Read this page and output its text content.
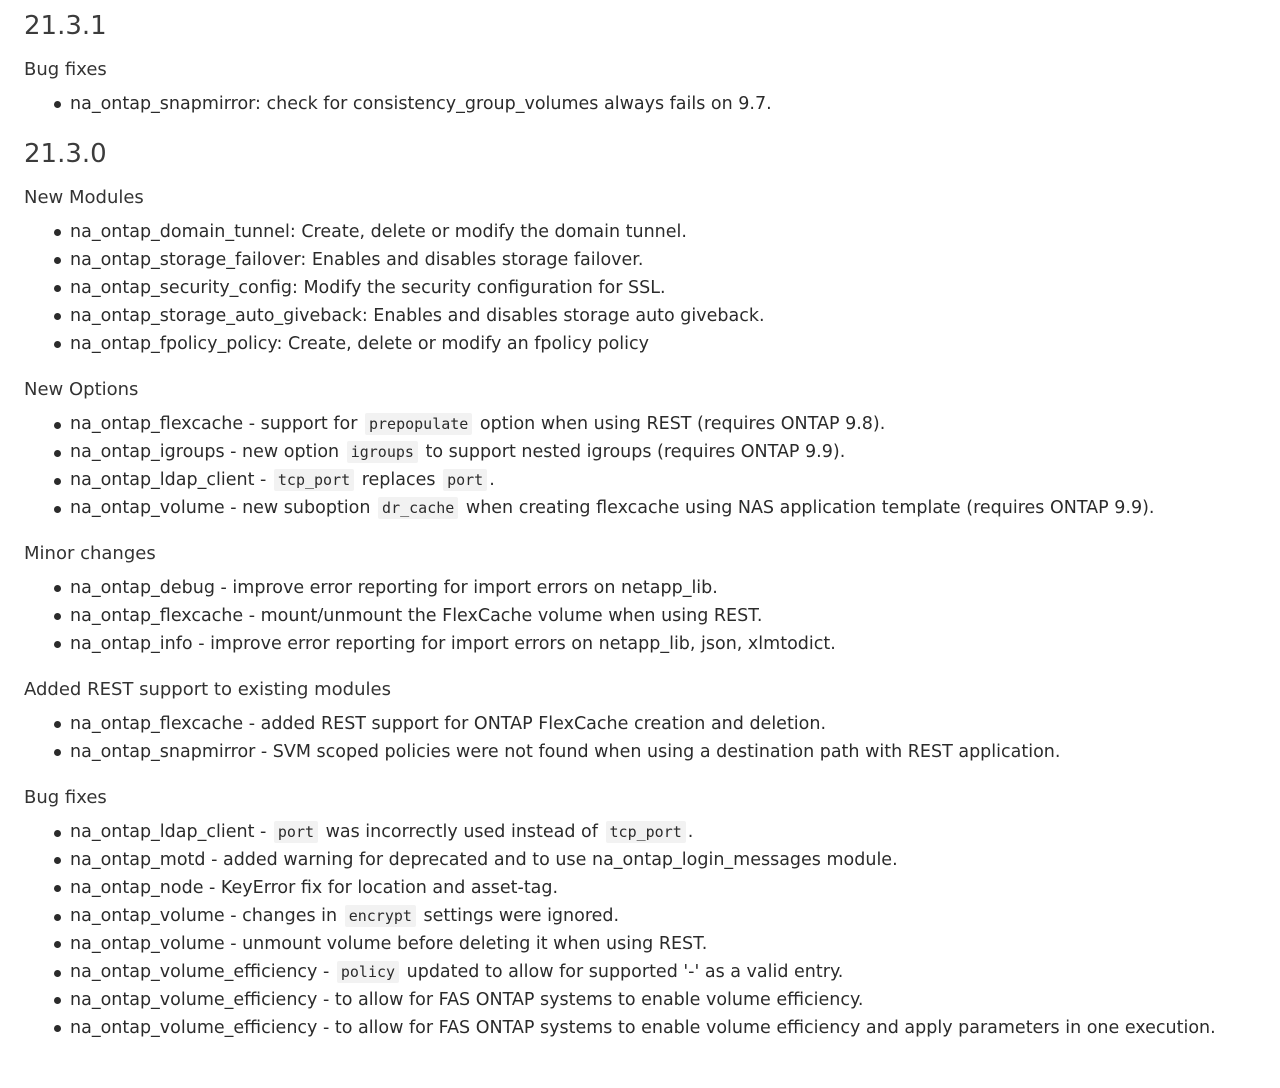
21.3.1
Bug fixes
na_ontap_snapmirror: check for consistency_group_volumes always fails on 9.7.
21.3.0
New Modules
na_ontap_domain_tunnel: Create, delete or modify the domain tunnel.
na_ontap_storage_failover: Enables and disables storage failover.
na_ontap_security_config: Modify the security configuration for SSL.
na_ontap_storage_auto_giveback: Enables and disables storage auto giveback.
na_ontap_fpolicy_policy: Create, delete or modify an fpolicy policy
New Options
na_ontap_flexcache - support for prepopulate option when using REST (requires ONTAP 9.8).
na_ontap_igroups - new option igroups to support nested igroups (requires ONTAP 9.9).
na_ontap_ldap_client - tcp_port replaces port .
na_ontap_volume - new suboption dr_cache when creating flexcache using NAS application template (requires ONTAP 9.9).
Minor changes
na_ontap_debug - improve error reporting for import errors on netapp_lib.
na_ontap_flexcache - mount/unmount the FlexCache volume when using REST.
na_ontap_info - improve error reporting for import errors on netapp_lib, json, xlmtodict.
Added REST support to existing modules
na_ontap_flexcache - added REST support for ONTAP FlexCache creation and deletion.
na_ontap_snapmirror - SVM scoped policies were not found when using a destination path with REST application.
Bug fixes
na_ontap_ldap_client - port was incorrectly used instead of tcp_port .
na_ontap_motd - added warning for deprecated and to use na_ontap_login_messages module.
na_ontap_node - KeyError fix for location and asset-tag.
na_ontap_volume - changes in encrypt settings were ignored.
na_ontap_volume - unmount volume before deleting it when using REST.
na_ontap_volume_efficiency - policy updated to allow for supported '-' as a valid entry.
na_ontap_volume_efficiency - to allow for FAS ONTAP systems to enable volume efficiency.
na_ontap_volume_efficiency - to allow for FAS ONTAP systems to enable volume efficiency and apply parameters in one execution.
